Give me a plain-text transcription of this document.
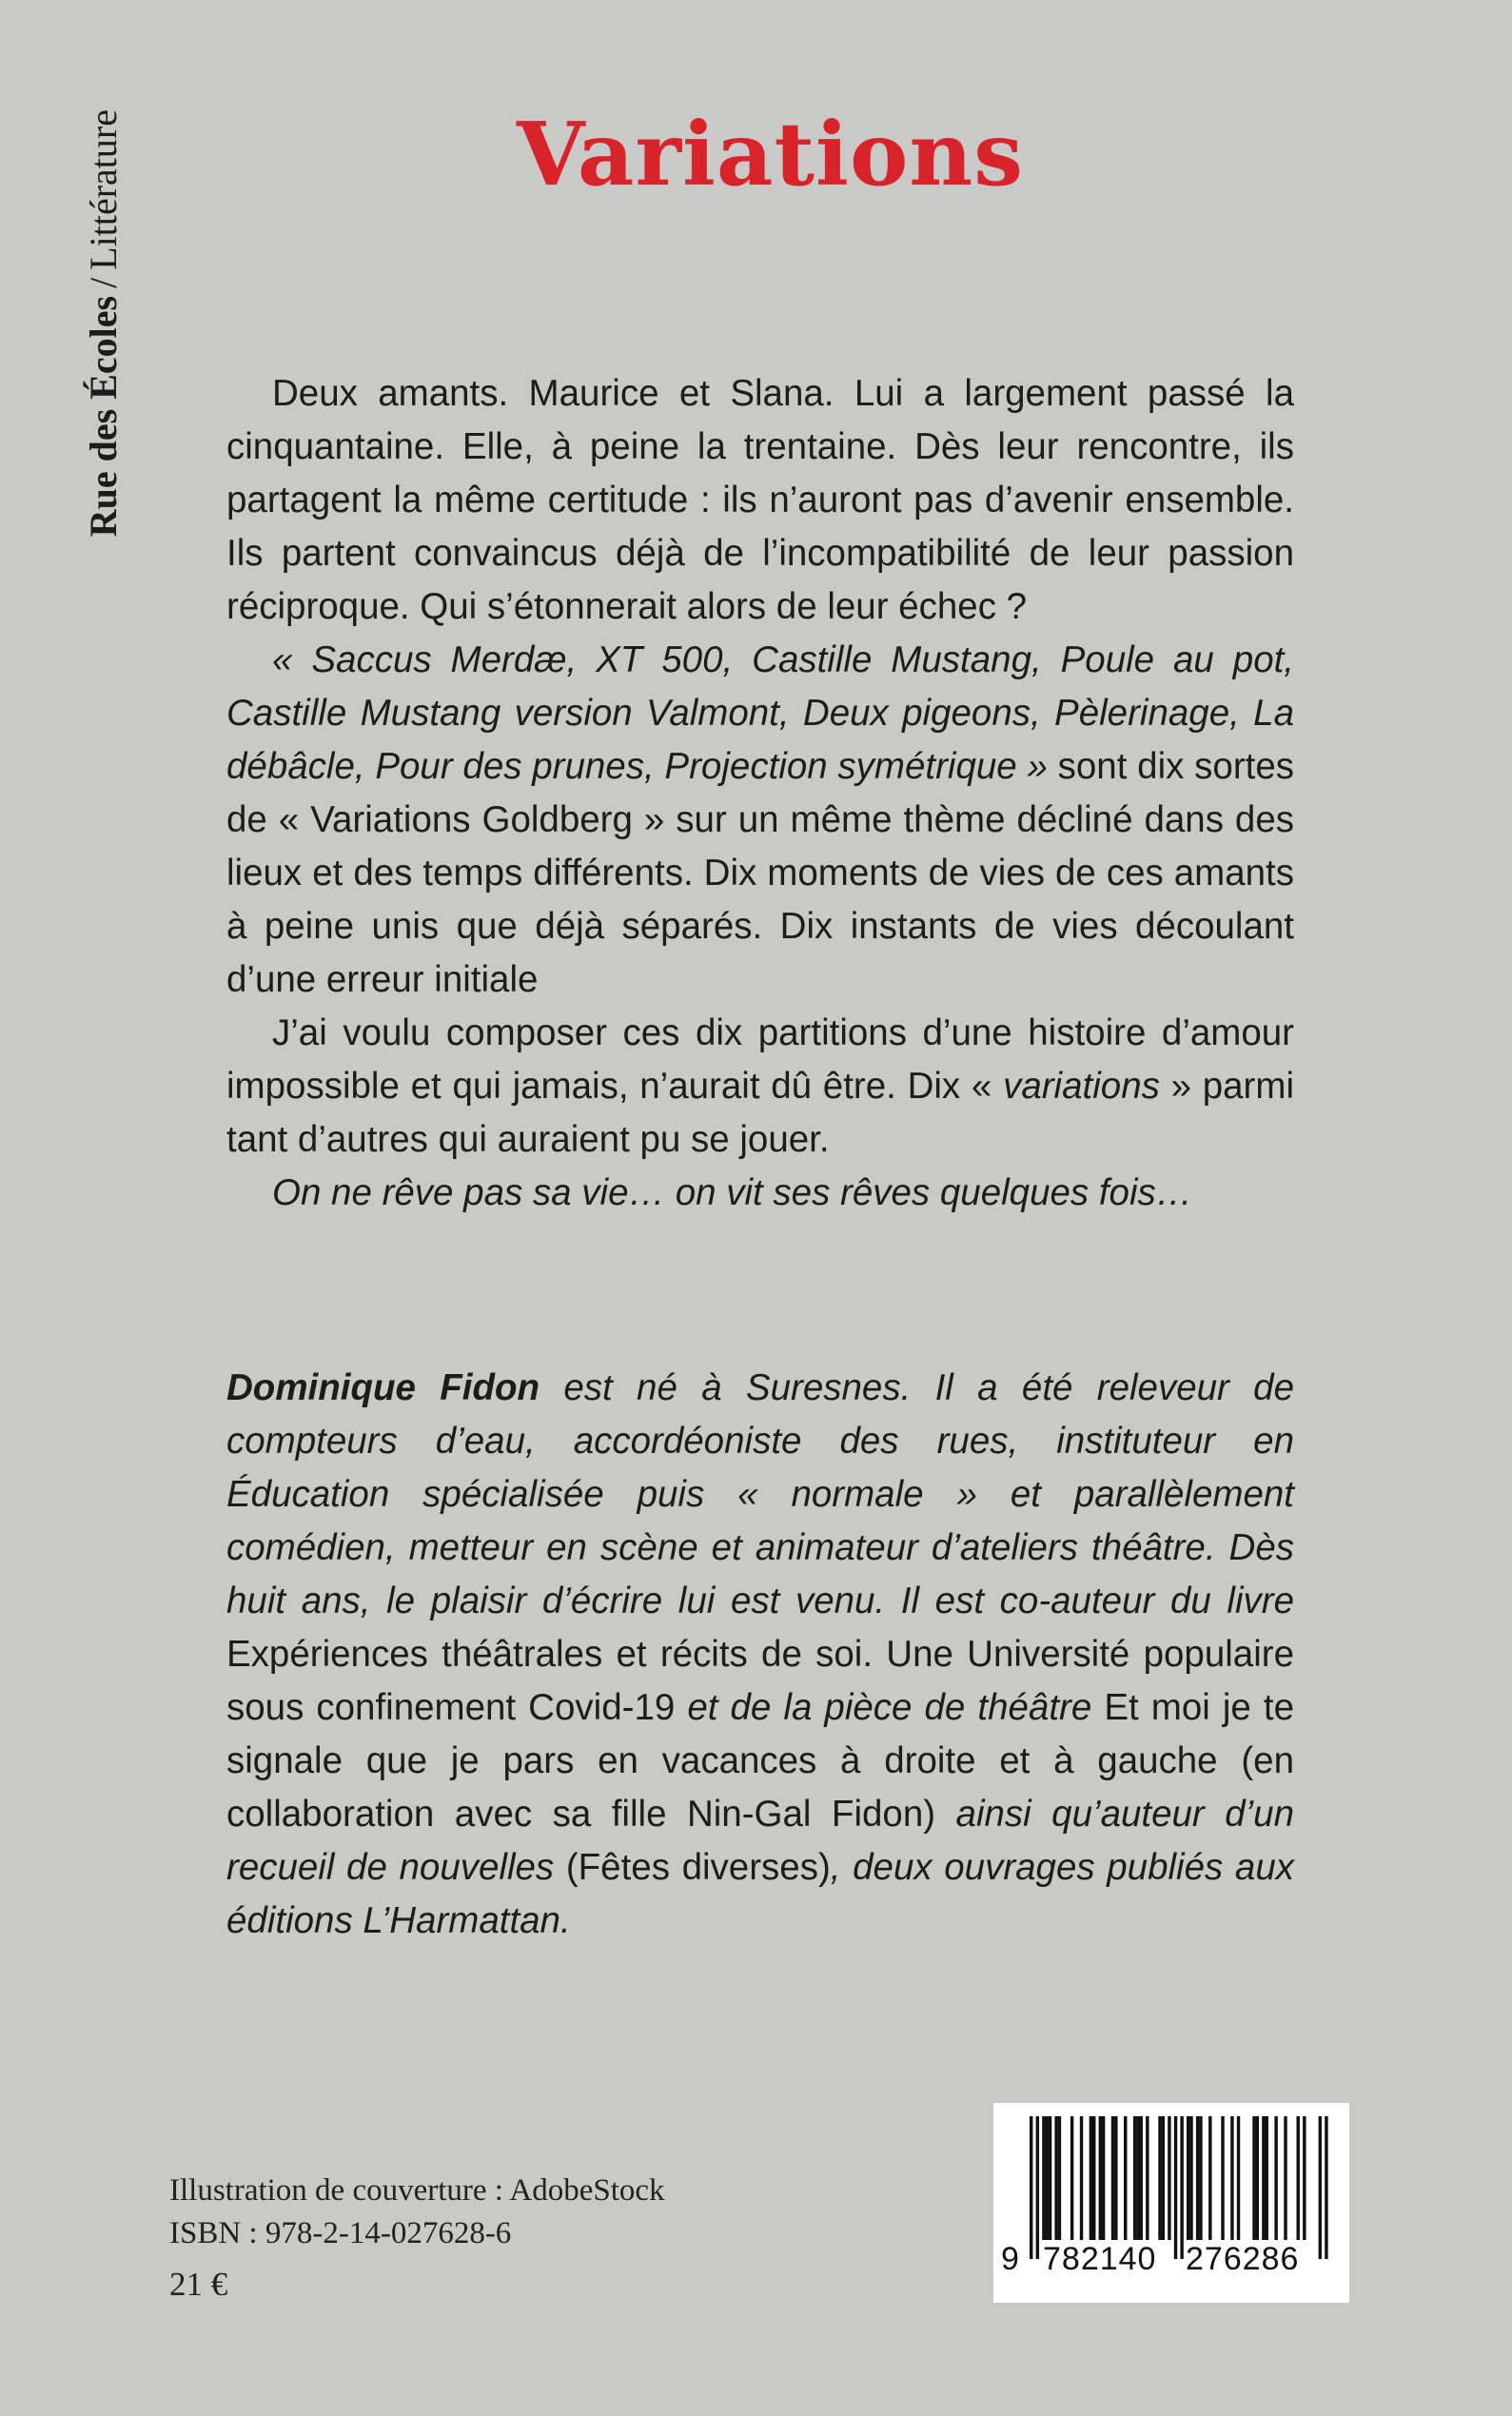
Rue des Écoles
/
Littérature	Variations

Deux amants. Maurice et Slana. Lui a largement passé la cinquantaine. Elle, à peine la trentaine. Dès leur rencontre, ils partagent la même certitude : ils n’auront pas d’avenir ensemble. Ils partent convaincus déjà de l’incompatibilité de leur passion réciproque. Qui s’étonnerait alors de leur échec ?

« Saccus Merdæ, XT 500, Castille Mustang, Poule au pot, Castille Mustang version Valmont, Deux pigeons, Pèlerinage, La débâcle, Pour des prunes, Projection symétrique » sont dix sortes de « Variations Goldberg » sur un même thème décliné dans des lieux et des temps différents. Dix moments de vies de ces amants à peine unis que déjà séparés. Dix instants de vies découlant d’une erreur initiale

J’ai voulu composer ces dix partitions d’une histoire d’amour impossible et qui jamais, n’aurait dû être. Dix « variations » parmi tant d’autres qui auraient pu se jouer.

On ne rêve pas sa vie… on vit ses rêves quelques fois…

Dominique Fidon est né à Suresnes. Il a été releveur de compteurs d’eau, accordéoniste des rues, instituteur en Éducation spécialisée puis « normale » et parallèlement comédien, metteur en scène et animateur d’ateliers théâtre. Dès huit ans, le plaisir d’écrire lui est venu. Il est co-auteur du livre Expériences théâtrales et récits de soi. Une Université populaire sous confinement Covid-19 et de la pièce de théâtre Et moi je te signale que je pars en vacances à droite et à gauche (en collaboration avec sa fille Nin-Gal Fidon) ainsi qu’auteur d’un recueil de nouvelles (Fêtes diverses), deux ouvrages publiés aux éditions L’Harmattan.

Illustration de couverture : AdobeStock
ISBN : 978-2-14-027628-6
21 €
9 782140 276286
